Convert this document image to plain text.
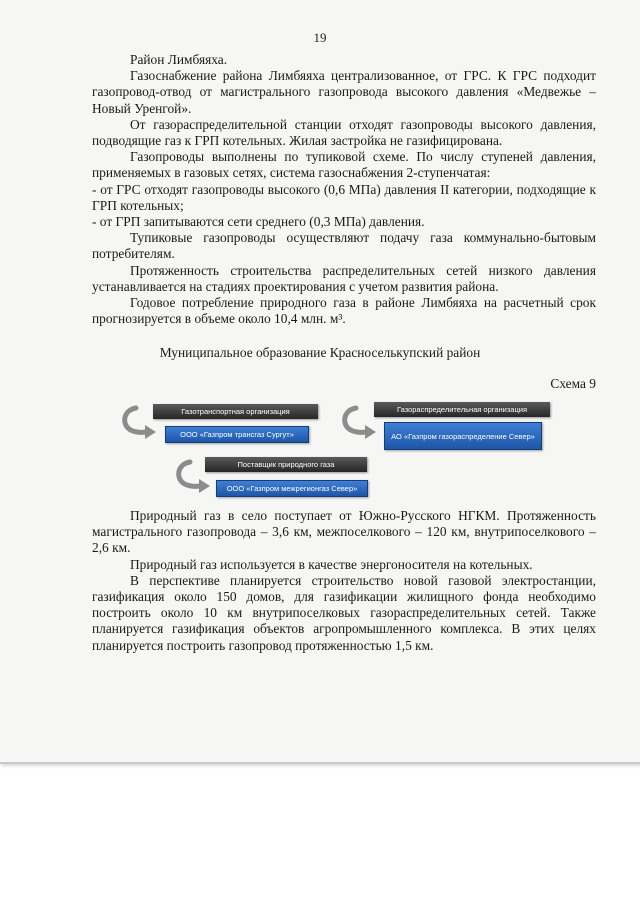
19

Район Лимбяяха.

Газоснабжение района Лимбяяха централизованное, от ГРС. К ГРС подходит газопровод-отвод от магистрального газопровода высокого давления «Медвежье – Новый Уренгой».

От газораспределительной станции отходят газопроводы высокого давления, подводящие газ к ГРП котельных. Жилая застройка не газифицирована.

Газопроводы выполнены по тупиковой схеме. По числу ступеней давления, применяемых в газовых сетях, система газоснабжения 2-ступенчатая:

- от ГРС отходят газопроводы высокого (0,6 МПа) давления II категории, подходящие к ГРП котельных;

- от ГРП запитываются сети среднего (0,3 МПа) давления.

Тупиковые газопроводы осуществляют подачу газа коммунально-бытовым потребителям.

Протяженность строительства распределительных сетей низкого давления устанавливается на стадиях проектирования с учетом развития района.

Годовое потребление природного газа в районе Лимбяяха на расчетный срок прогнозируется в объеме около 10,4 млн. м³.

Муниципальное образование Красноселькупский район
Схема 9
Газотранспортная организация
ООО «Газпром трансгаз Сургут»
Газораспределительная организация
АО «Газпром газораспределение Север»
Поставщик природного газа
ООО «Газпром межрегионгаз Север»

Природный газ в село поступает от Южно-Русского НГКМ. Протяженность магистрального газопровода – 3,6 км, межпоселкового – 120 км, внутрипоселкового – 2,6 км.

Природный газ используется в качестве энергоносителя на котельных.

В перспективе планируется строительство новой газовой электростанции, газификация около 150 домов, для газификации жилищного фонда необходимо построить около 10 км внутрипоселковых газораспределительных сетей. Также планируется газификация объектов агропромышленного комплекса. В этих целях планируется построить газопровод протяженностью 1,5 км.
